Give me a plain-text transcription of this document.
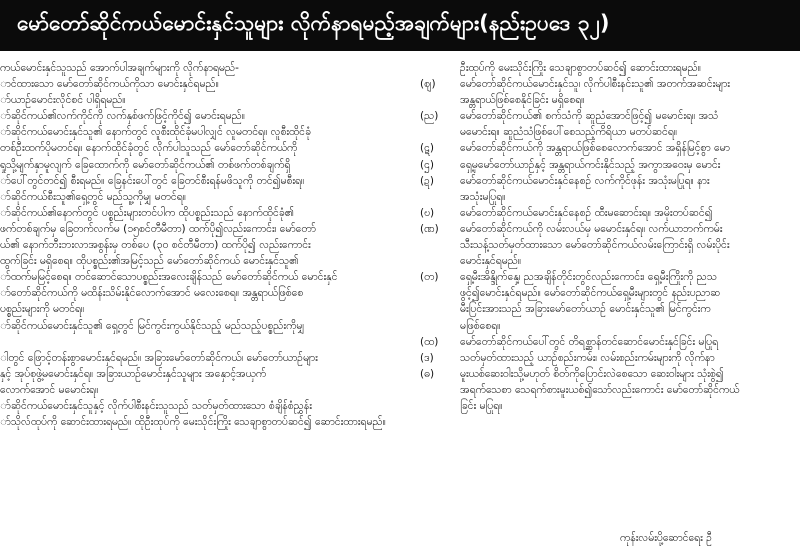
မော်တော်ဆိုင်ကယ်မောင်းနှင်သူများ လိုက်နာရမည့်အချက်များ(နည်းဥပဒေ ၃၂)
ကယ်မောင်းနှင်သူသည် အောက်ပါအချက်များကို လိုက်နာရမည်-
ာင်ထားသော မော်တော်ဆိုင်ကယ်ကိုသာ မောင်းနှင်ရမည်။
ာ်ယာဉ်မောင်းလိုင်စင် ပါရှိရမည်။
ာ်ဆိုင်ကယ်၏လက်ကိုင်ကို လက်နှစ်ဖက်ဖြင့်ကိုင်၍ မောင်းရမည်။
ာ်ဆိုင်ကယ်မောင်းနှင်သူ၏ နောက်တွင် လူစီးထိုင်ခုံမပါလျှင် လူမတင်ရ။ လူစီးထိုင်ခုံ
တစ်ဦးထက်ပိုမတင်ရ။ နောက်ထိုင်ခုံတွင် လိုက်ပါသူသည် မော်တော်ဆိုင်ကယ်ကို
ရှုသို့မျက်နှာမူလျက် ခြေထောက်ကို မော်တော်ဆိုင်ကယ်၏ တစ်ဖက်တစ်ချက်ရှိ
ာ်ပေါ်တွင်တင်၍ စီးရမည်။ ခြေနင်းပေါ်တွင် ခြေတင်စီးရန်မဖိသူကို တင်၍မစီးရ။
ာ်ဆိုင်ကယ်စီးသူ၏ရှေ့တွင် မည်သူ့ကိုမျှ မတင်ရ။
ာ်ဆိုင်ကယ်၏နောက်တွင် ပစ္စည်းများတင်ပါက ထိုပစ္စည်းသည် နောက်ထိုင်ခုံ၏
ဖက်တစ်ချက်မှ ခြေတက်လက်မ (၁၅စင်တီမီတာ) ထက်ပို၍လည်းကောင်း၊ မော်တော်
ယ်၏ နောက်ဘီးဘးလာအစွန်းမှ တစ်ပေ (၃၀ စင်တီမီတာ) ထက်ပို၍ လည်းကောင်း
ထွက်ခြင်း မရှိစေရ။ ထိုပစ္စည်း၏အမြင့်သည် မော်တော်ဆိုင်ကယ် မောင်းနှင်သူ၏
ာ်ထက်မမြင့်စေရ။ တင်ဆောင်သောပစ္စည်းအလေးချိန်သည် မော်တော်ဆိုင်ကယ် မောင်းနှင်
ာ်တော်ဆိုင်ကယ်ကို မထိန်းသိမ်းနိုင်လောက်အောင် မလေးစေရ။ အန္တရာယ်ဖြစ်စေ
ပစ္စည်းများကို မတင်ရ။
ာ်ဆိုင်ကယ်မောင်းနှင်သူ၏ ရှေ့တွင် မြင်ကွင်းကွယ်နိုင်သည့် မည်သည့်ပစ္စည်းကိုမျှ

ါတွင် ဖြောင့်တန်းစွာမောင်းနှင်ရမည်။ အခြားမော်တော်ဆိုင်ကယ်၊ မော်တော်ယာဉ်များ
နှင့် အုပ်စုဖွဲ့မမောင်းနှင်ရ။ အခြားယာဉ်မောင်းနှင်သူများ အနှောင့်အယှက်
လောက်အောင် မမောင်းရ။
ာ်ဆိုင်ကယ်မောင်းနှင်သူနှင့် လိုက်ပါစီးနင်းသူသည် သတ်မှတ်ထားသော စံချိန်စံညွှန်း
ာ်သိုလ်ထုပ်ကို ဆောင်းထားရမည်။ ထိုဦးထုပ်ကို မေးသိုင်းကြိုး သေချာစွာတပ်ဆင်၍ ဆောင်းထားရမည်။
ဦးထုပ်ကို မေးသိုင်းကြိုး သေချာစွာတပ်ဆင်၍ ဆောင်းထားရမည်။
(ဈ)	မော်တော်ဆိုင်ကယ်မောင်းနှင်သူ၊ လိုက်ပါစီးနင်းသူ၏ အတက်အဆင်းများ
အန္တရာယ်ဖြစ်စေနိုင်ခြင်း မရှိစေရ။
(ည)	မော်တော်ဆိုင်ကယ်၏ စက်သံကို ဆူညံအောင်ဖြင့်၍ မမောင်းရ။ အသံ
မမောင်းရ။ ဆူညံသံဖြစ်ပေါ်စေသည့်ကိရိယာ မတပ်ဆင်ရ။
(ဋ)	မော်တော်ဆိုင်ကယ်ကို အန္တရာယ်ဖြစ်စေလောက်အောင် အရှိန်မြင့်စွာ မော
(ဌ)	ရှေ့မှမော်တော်ယာဉ်နှင့် အန္တရာယ်ကင်းနိုင်သည့် အကွာအဝေးမှ မောင်း
(ဍ)	မော်တော်ဆိုင်ကယ်မောင်းနှင်နေစဉ် လက်ကိုင်ဖုန်း အသုံးမပြုရ။ နား
အသုံးမပြုရ။
(ဎ)	မော်တော်ဆိုင်ကယ်မောင်းနှင်နေစဉ် ထီးမဆောင်းရ။ အမိုးတပ်ဆင်၍
(ဏ)	မော်တော်ဆိုင်ကယ်ကို လမ်းလယ်မှ မမောင်းနှင်ရ။ လက်ယာဘက်ကမ်း
သီးသန့်သတ်မှတ်ထားသော မော်တော်ဆိုင်ကယ်လမ်းကြောင်းရှိ လမ်းပိုင်း
မောင်းနှင်ရမည်။
(တ)	ရှေ့မီးအိန္ဒိုက်နှေ့၊ ညအချိန်တိုင်းတွင်လည်းကောင်း၊ ရှေ့မီးကြိုးကို ညသ
ဖွင့်၍မောင်းနှင်ရမည်။ မော်တော်ဆိုင်ကယ်ရှေ့မီးများတွင် နည်းပညာဆ
မီးပြင်းအားသည် အခြားမော်တော်ယာဉ် မောင်းနှင်သူ၏ မြင်ကွင်းက
မဖြစ်စေရ။
(ထ)	မော်တော်ဆိုင်ကယ်ပေါ်တွင် တိရစ္ဆာန်တင်ဆောင်မောင်းနှင်ခြင်း မပြုရ
(ဒ)	သတ်မှတ်ထားသည့် ယာဉ်စည်းကမ်း၊ လမ်းစည်းကမ်းများကို လိုက်နာ
(ဓ)	မူးယစ်ဆေးဝါးသို့မဟုတ် စိတ်ကိုပြောင်းလဲစေသော ဆေးဝါးများ သုံးစွဲ၍
အရက်သေစာ သေရက်စားမူးယစ်၍သော်လည်းကောင်း မော်တော်ဆိုင်ကယ်
ခြင်း မပြုရ။
ကုန်းလမ်းပို့ဆောင်ရေး ဦ
